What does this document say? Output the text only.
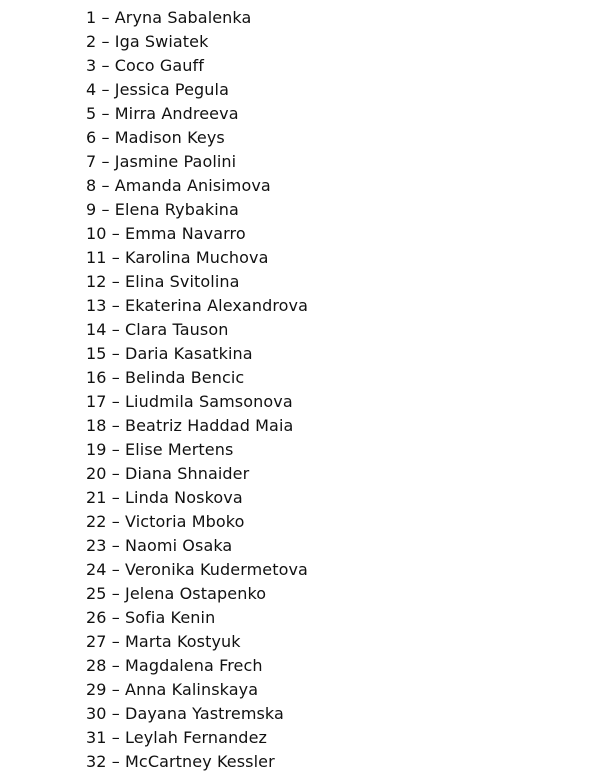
1 – Aryna Sabalenka
2 – Iga Swiatek
3 – Coco Gauff
4 – Jessica Pegula
5 – Mirra Andreeva
6 – Madison Keys
7 – Jasmine Paolini
8 – Amanda Anisimova
9 – Elena Rybakina
10 – Emma Navarro
11 – Karolina Muchova
12 – Elina Svitolina
13 – Ekaterina Alexandrova
14 – Clara Tauson
15 – Daria Kasatkina
16 – Belinda Bencic
17 – Liudmila Samsonova
18 – Beatriz Haddad Maia
19 – Elise Mertens
20 – Diana Shnaider
21 – Linda Noskova
22 – Victoria Mboko
23 – Naomi Osaka
24 – Veronika Kudermetova
25 – Jelena Ostapenko
26 – Sofia Kenin
27 – Marta Kostyuk
28 – Magdalena Frech
29 – Anna Kalinskaya
30 – Dayana Yastremska
31 – Leylah Fernandez
32 – McCartney Kessler
